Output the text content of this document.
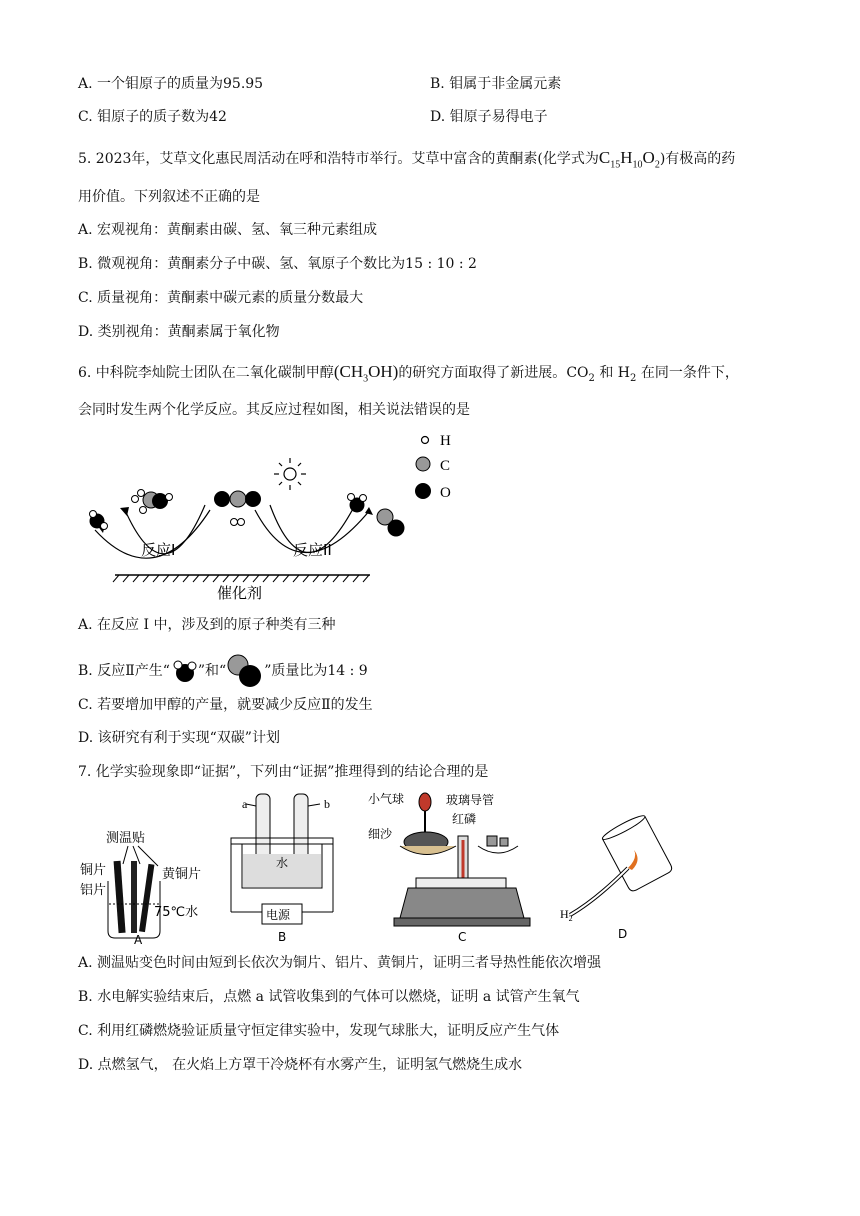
A. 一个钼原子的质量为95.95	B. 钼属于非金属元素
C. 钼原子的质子数为42	D. 钼原子易得电子
5. 2023年，艾草文化惠民周活动在呼和浩特市举行。艾草中富含的黄酮素(化学式为$C_{15}H_{10}O_2$)有极高的药
用价值。下列叙述不正确的是
A. 宏观视角：黄酮素由碳、氢、氧三种元素组成
B. 微观视角：黄酮素分子中碳、氢、氧原子个数比为15 : 10 : 2
C. 质量视角：黄酮素中碳元素的质量分数最大
D. 类别视角：黄酮素属于氧化物
6. 中科院李灿院士团队在二氧化碳制甲醇$(CH_3OH)$的研究方面取得了新进展。$CO_2$ 和 $H_2$ 在同一条件下，
会同时发生两个化学反应。其反应过程如图，相关说法错误的是
H
C
O
催化剂
反应I	反应II
A. 在反应 I 中，涉及到的原子种类有三种
B. 反应Ⅱ产生“ ”和“	”质量比为14 : 9
C. 若要增加甲醇的产量，就要减少反应Ⅱ的发生
D. 该研究有利于实现“双碳”计划
7. 化学实验现象即“证据”，下列由“证据”推理得到的结论合理的是
测温贴
铜片
铝片
黄铜片
75℃水
A
a	b
水
电源
B
小气球	玻璃导管
红磷
细沙
C
$H_2$
D
A. 测温贴变色时间由短到长依次为铜片、铝片、黄铜片，证明三者导热性能依次增强
B. 水电解实验结束后，点燃 a 试管收集到的气体可以燃烧，证明 a 试管产生氧气
C. 利用红磷燃烧验证质量守恒定律实验中，发现气球胀大，证明反应产生气体
D. 点燃氢气， 在火焰上方罩干冷烧杯有水雾产生，证明氢气燃烧生成水
